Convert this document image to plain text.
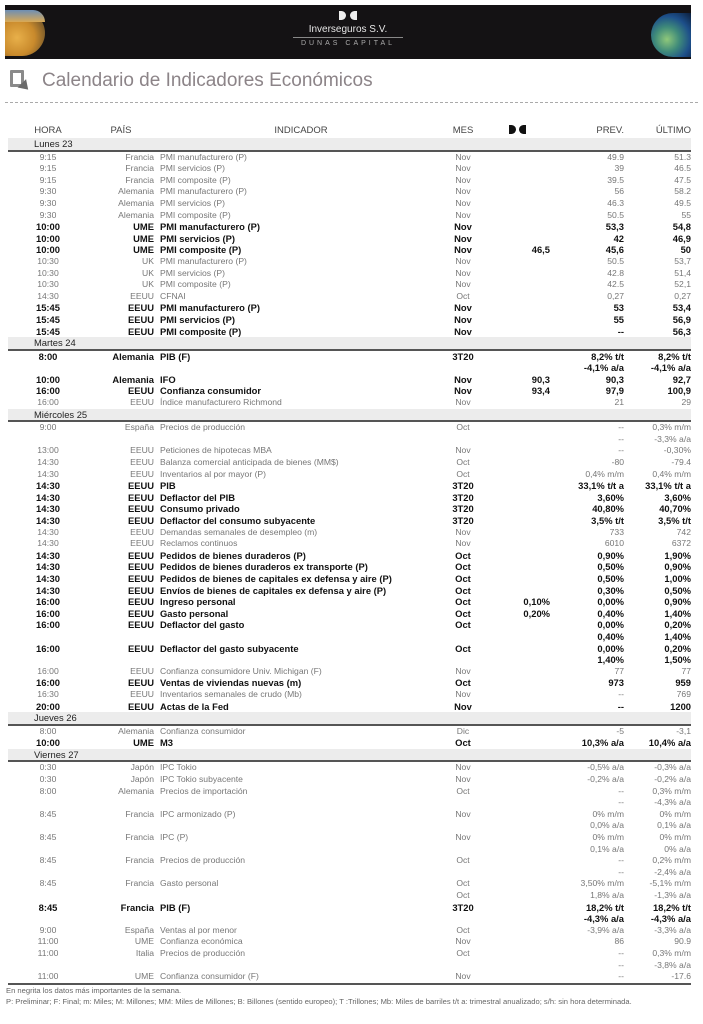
Inverseguros S.V.
DUNAS CAPITAL
Calendario de Indicadores Económicos
HORA	PAÍS	INDICADOR	MES		PREV.	ÚLTIMO
Lunes 23						
9:15	Francia	PMI manufacturero (P)	Nov		49.9	51.3
9:15	Francia	PMI servicios (P)	Nov		39	46.5
9:15	Francia	PMI composite (P)	Nov		39.5	47.5
9:30	Alemania	PMI manufacturero (P)	Nov		56	58.2
9:30	Alemania	PMI servicios (P)	Nov		46.3	49.5
9:30	Alemania	PMI composite (P)	Nov		50.5	55
10:00	UME	PMI manufacturero (P)	Nov		53,3	54,8
10:00	UME	PMI servicios (P)	Nov		42	46,9
10:00	UME	PMI composite (P)	Nov	46,5	45,6	50
10:30	UK	PMI manufacturero (P)	Nov		50.5	53,7
10:30	UK	PMI servicios (P)	Nov		42.8	51,4
10:30	UK	PMI composite (P)	Nov		42.5	52,1
14:30	EEUU	CFNAI	Oct		0,27	0,27
15:45	EEUU	PMI manufacturero (P)	Nov		53	53,4
15:45	EEUU	PMI servicios (P)	Nov		55	56,9
15:45	EEUU	PMI composite (P)	Nov		--	56,3
Martes 24						
8:00	Alemania	PIB (F)	3T20		8,2% t/t	8,2% t/t
					-4,1% a/a	-4,1% a/a
10:00	Alemania	IFO	Nov	90,3	90,3	92,7
16:00	EEUU	Confianza consumidor	Nov	93,4	97,9	100,9
16:00	EEUU	Índice manufacturero Richmond	Nov		21	29
Miércoles 25						
9:00	España	Precios de producción	Oct		--	0,3% m/m
					--	-3,3% a/a
13:00	EEUU	Peticiones de hipotecas MBA	Nov		--	-0,30%
14:30	EEUU	Balanza comercial anticipada de bienes (MM$)	Oct		-80	-79.4
14:30	EEUU	Inventarios al por mayor (P)	Oct		0,4% m/m	0,4% m/m
14:30	EEUU	PIB	3T20		33,1% t/t a	33,1% t/t a
14:30	EEUU	Deflactor del PIB	3T20		3,60%	3,60%
14:30	EEUU	Consumo privado	3T20		40,80%	40,70%
14:30	EEUU	Deflactor del consumo subyacente	3T20		3,5% t/t	3,5% t/t
14:30	EEUU	Demandas semanales de desempleo (m)	Nov		733	742
14:30	EEUU	Reclamos continuos	Nov		6010	6372
14:30	EEUU	Pedidos de bienes duraderos (P)	Oct		0,90%	1,90%
14:30	EEUU	Pedidos de bienes duraderos ex transporte (P)	Oct		0,50%	0,90%
14:30	EEUU	Pedidos de bienes de capitales ex defensa y aire (P)	Oct		0,50%	1,00%
14:30	EEUU	Envíos de bienes de capitales ex defensa y aire (P)	Oct		0,30%	0,50%
16:00	EEUU	Ingreso personal	Oct	0,10%	0,00%	0,90%
16:00	EEUU	Gasto personal	Oct	0,20%	0,40%	1,40%
16:00	EEUU	Deflactor del gasto	Oct		0,00%	0,20%
					0,40%	1,40%
16:00	EEUU	Deflactor del gasto subyacente	Oct		0,00%	0,20%
					1,40%	1,50%
16:00	EEUU	Confianza consumidore Univ. Michigan (F)	Nov		77	77
16:00	EEUU	Ventas de viviendas nuevas (m)	Oct		973	959
16:30	EEUU	Inventarios semanales de crudo (Mb)	Nov		--	769
20:00	EEUU	Actas de la Fed	Nov		--	1200
Jueves 26						
8:00	Alemania	Confianza consumidor	Dic		-5	-3,1
10:00	UME	M3	Oct		10,3% a/a	10,4% a/a
Viernes 27						
0:30	Japón	IPC Tokio	Nov		-0,5% a/a	-0,3% a/a
0:30	Japón	IPC Tokio subyacente	Nov		-0,2% a/a	-0,2% a/a
8:00	Alemania	Precios de importación	Oct		--	0,3% m/m
					--	-4,3% a/a
8:45	Francia	IPC armonizado (P)	Nov		0% m/m	0% m/m
					0,0% a/a	0,1% a/a
8:45	Francia	IPC (P)	Nov		0% m/m	0% m/m
					0,1% a/a	0% a/a
8:45	Francia	Precios de producción	Oct		--	0,2% m/m
					--	-2,4% a/a
8:45	Francia	Gasto personal	Oct		3,50% m/m	-5,1% m/m
			Oct		1,8% a/a	-1,3% a/a
8:45	Francia	PIB (F)	3T20		18,2% t/t	18,2% t/t
					-4,3% a/a	-4,3% a/a
9:00	España	Ventas al por menor	Oct		-3,9% a/a	-3,3% a/a
11:00	UME	Confianza económica	Nov		86	90.9
11:00	Italia	Precios de producción	Oct		--	0,3% m/m
					--	-3,8% a/a
11:00	UME	Confianza consumidor (F)	Nov		--	-17.6
En negrita los datos más importantes de la semana.
P: Preliminar; F: Final; m: Miles; M: Millones; MM: Miles de Millones; B: Billones (sentido europeo); T :Trillones; Mb: Miles de barriles t/t a: trimestral anualizado; s/h: sin hora determinada.
